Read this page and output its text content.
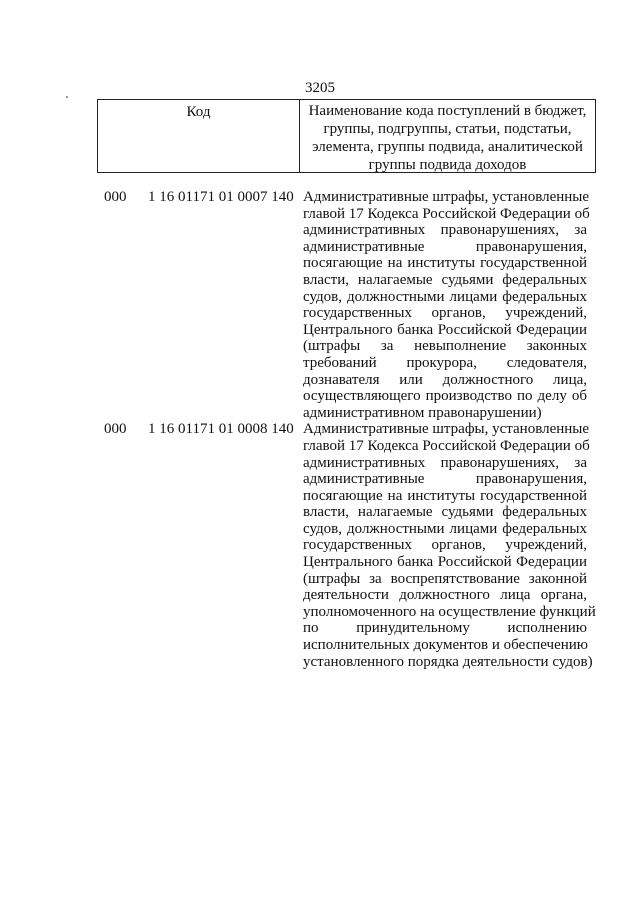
3205
Код	Наименование кода поступлений в бюджет,
группы, подгруппы, статьи, подстатьи,
элемента, группы подвида, аналитической
группы подвида доходов
000 1 16 01171 01 0007 140 Административные штрафы, установленные
главой 17 Кодекса Российской Федерации об
административных правонарушениях, за
административные правонарушения,
посягающие на институты государственной
власти, налагаемые судьями федеральных
судов, должностными лицами федеральных
государственных органов, учреждений,
Центрального банка Российской Федерации
(штрафы за невыполнение законных
требований прокурора, следователя,
дознавателя или должностного лица,
осуществляющего производство по делу об
административном правонарушении)
000 1 16 01171 01 0008 140 Административные штрафы, установленные
главой 17 Кодекса Российской Федерации об
административных правонарушениях, за
административные правонарушения,
посягающие на институты государственной
власти, налагаемые судьями федеральных
судов, должностными лицами федеральных
государственных органов, учреждений,
Центрального банка Российской Федерации
(штрафы за воспрепятствование законной
деятельности должностного лица органа,
уполномоченного на осуществление функций
по принудительному исполнению
исполнительных документов и обеспечению
установленного порядка деятельности судов)
